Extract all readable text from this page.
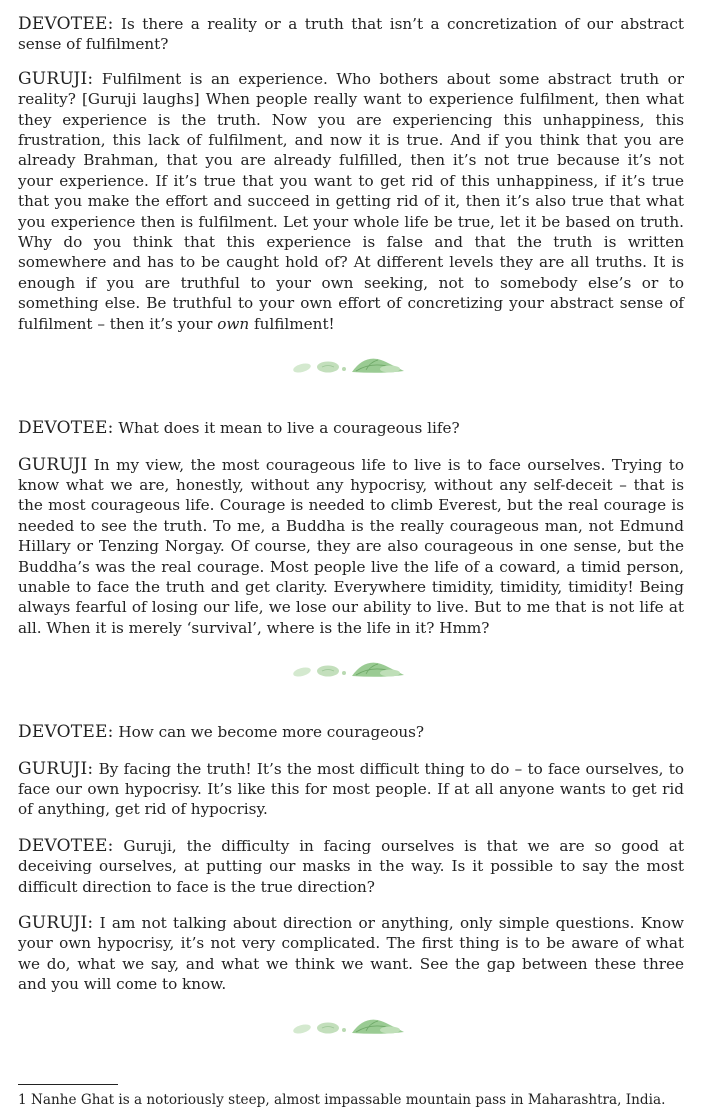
DEVOTEE: Is there a reality or a truth that isn’t a concretization of our abstract sense of fulfilment?

GURUJI: Fulfilment is an experience. Who bothers about some abstract truth or reality? [Guruji laughs] When people really want to experience fulfilment, then what they experience is the truth. Now you are experiencing this unhappiness, this frustration, this lack of fulfilment, and now it is true. And if you think that you are already Brahman, that you are already fulfilled, then it’s not true because it’s not your experience. If it’s true that you want to get rid of this unhappiness, if it’s true that you make the effort and succeed in getting rid of it, then it’s also true that what you experience then is fulfilment. Let your whole life be true, let it be based on truth. Why do you think that this experience is false and that the truth is written somewhere and has to be caught hold of? At different levels they are all truths. It is enough if you are truthful to your own seeking, not to somebody else’s or to something else. Be truthful to your own effort of concretizing your abstract sense of fulfilment – then it’s your own fulfilment!

DEVOTEE: What does it mean to live a courageous life?

GURUJI In my view, the most courageous life to live is to face ourselves. Trying to know what we are, honestly, without any hypocrisy, without any self-deceit – that is the most courageous life. Courage is needed to climb Everest, but the real courage is needed to see the truth. To me, a Buddha is the really courageous man, not Edmund Hillary or Tenzing Norgay. Of course, they are also courageous in one sense, but the Buddha’s was the real courage. Most people live the life of a coward, a timid person, unable to face the truth and get clarity. Everywhere timidity, timidity, timidity! Being always fearful of losing our life, we lose our ability to live. But to me that is not life at all. When it is merely ‘survival’, where is the life in it? Hmm?

DEVOTEE: How can we become more courageous?

GURUJI: By facing the truth! It’s the most difficult thing to do – to face ourselves, to face our own hypocrisy. It’s like this for most people. If at all anyone wants to get rid of anything, get rid of hypocrisy.

DEVOTEE: Guruji, the difficulty in facing ourselves is that we are so good at deceiving ourselves, at putting our masks in the way. Is it possible to say the most difficult direction to face is the true direction?

GURUJI: I am not talking about direction or anything, only simple questions. Know your own hypocrisy, it’s not very complicated. The first thing is to be aware of what we do, what we say, and what we think we want. See the gap between these three and you will come to know.

1 Nanhe Ghat is a notoriously steep, almost impassable mountain pass in Maharashtra, India.
